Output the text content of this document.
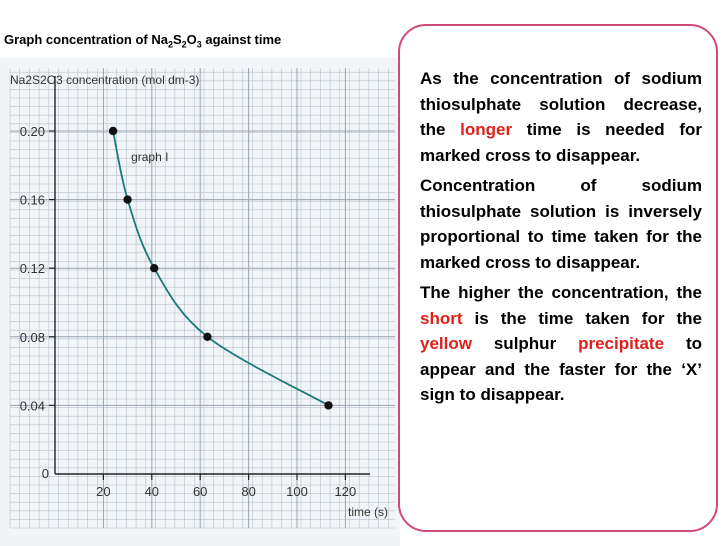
Graph concentration of $Na_2S_2O_3$ against time
0.20
0.16
0.12
0.08
0.04
0
20	40	60	80 100 120
Na2S2O3 concentration (mol dm-3)
time (s)
graph I

As the concentration of sodium thiosulphate solution decrease, the longer time is needed for marked cross to disappear.

Concentration of sodium thiosulphate solution is inversely proportional to time taken for the marked cross to disappear.

The higher the concentration, the short is the time taken for the yellow sulphur precipitate to appear and the faster for the ‘X’ sign to disappear.
